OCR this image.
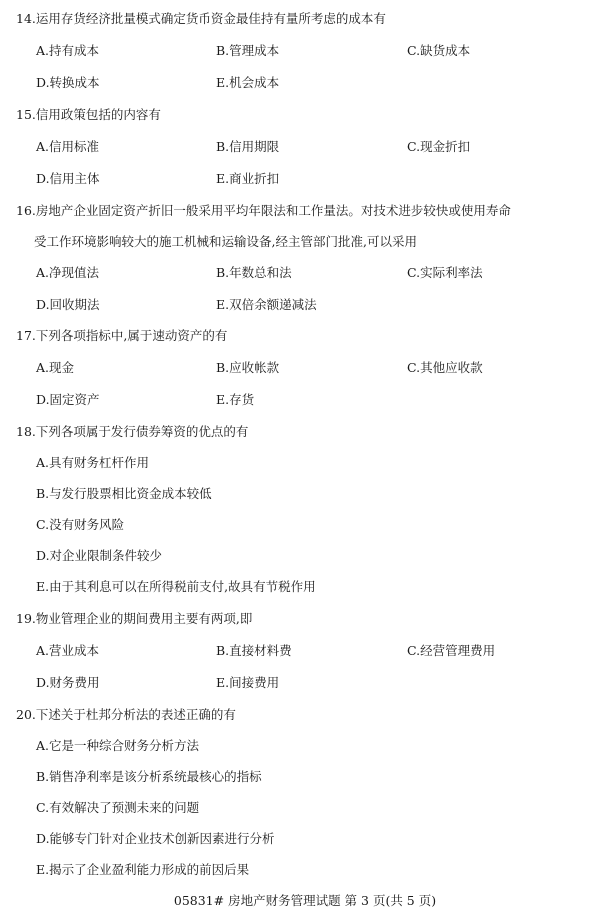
14.运用存货经济批量模式确定货币资金最佳持有量所考虑的成本有
A.持有成本	B.管理成本	C.缺货成本
D.转换成本	E.机会成本
15.信用政策包括的内容有
A.信用标准	B.信用期限	C.现金折扣
D.信用主体	E.商业折扣
16.房地产企业固定资产折旧一般采用平均年限法和工作量法。对技术进步较快或使用寿命
受工作环境影响较大的施工机械和运输设备,经主管部门批准,可以采用
A.净现值法	B.年数总和法	C.实际利率法
D.回收期法	E.双倍余额递减法
17.下列各项指标中,属于速动资产的有
A.现金	B.应收帐款	C.其他应收款
D.固定资产	E.存货
18.下列各项属于发行债券筹资的优点的有
A.具有财务杠杆作用
B.与发行股票相比资金成本较低
C.没有财务风险
D.对企业限制条件较少
E.由于其利息可以在所得税前支付,故具有节税作用
19.物业管理企业的期间费用主要有两项,即
A.营业成本	B.直接材料费	C.经营管理费用
D.财务费用	E.间接费用
20.下述关于杜邦分析法的表述正确的有
A.它是一种综合财务分析方法
B.销售净利率是该分析系统最核心的指标
C.有效解决了预测未来的问题
D.能够专门针对企业技术创新因素进行分析
E.揭示了企业盈利能力形成的前因后果
05831# 房地产财务管理试题 第 3 页(共 5 页)
